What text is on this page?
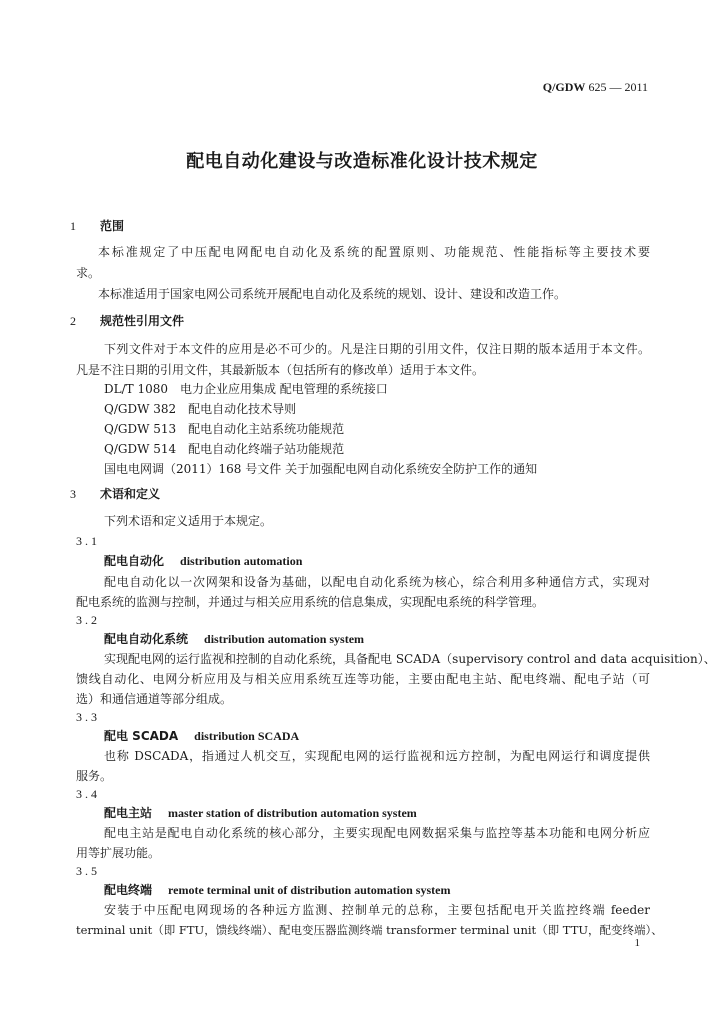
Q/GDW 625 — 2011
配电自动化建设与改造标准化设计技术规定
1 范围
本标准规定了中压配电网配电自动化及系统的配置原则、功能规范、性能指标等主要技术要
求。
本标准适用于国家电网公司系统开展配电自动化及系统的规划、设计、建设和改造工作。
2 规范性引用文件
下列文件对于本文件的应用是必不可少的。凡是注日期的引用文件，仅注日期的版本适用于本文件。
凡是不注日期的引用文件，其最新版本（包括所有的修改单）适用于本文件。
DL/T 1080　电力企业应用集成 配电管理的系统接口
Q/GDW 382　配电自动化技术导则
Q/GDW 513　配电自动化主站系统功能规范
Q/GDW 514　配电自动化终端子站功能规范
国电电网调（2011）168 号文件 关于加强配电网自动化系统安全防护工作的通知
3 术语和定义
下列术语和定义适用于本规定。
3.1
配电自动化 distribution automation
配电自动化以一次网架和设备为基础，以配电自动化系统为核心，综合利用多种通信方式，实现对
配电系统的监测与控制，并通过与相关应用系统的信息集成，实现配电系统的科学管理。
3.2
配电自动化系统 distribution automation system
实现配电网的运行监视和控制的自动化系统，具备配电 SCADA（supervisory control and data acquisition）、
馈线自动化、电网分析应用及与相关应用系统互连等功能，主要由配电主站、配电终端、配电子站（可
选）和通信通道等部分组成。
3.3
配电 SCADA distribution SCADA
也称 DSCADA，指通过人机交互，实现配电网的运行监视和远方控制，为配电网运行和调度提供
服务。
3.4
配电主站 master station of distribution automation system
配电主站是配电自动化系统的核心部分，主要实现配电网数据采集与监控等基本功能和电网分析应
用等扩展功能。
3.5
配电终端 remote terminal unit of distribution automation system
安装于中压配电网现场的各种远方监测、控制单元的总称，主要包括配电开关监控终端 feeder
terminal unit（即 FTU，馈线终端）、配电变压器监测终端 transformer terminal unit（即 TTU，配变终端）、
1
